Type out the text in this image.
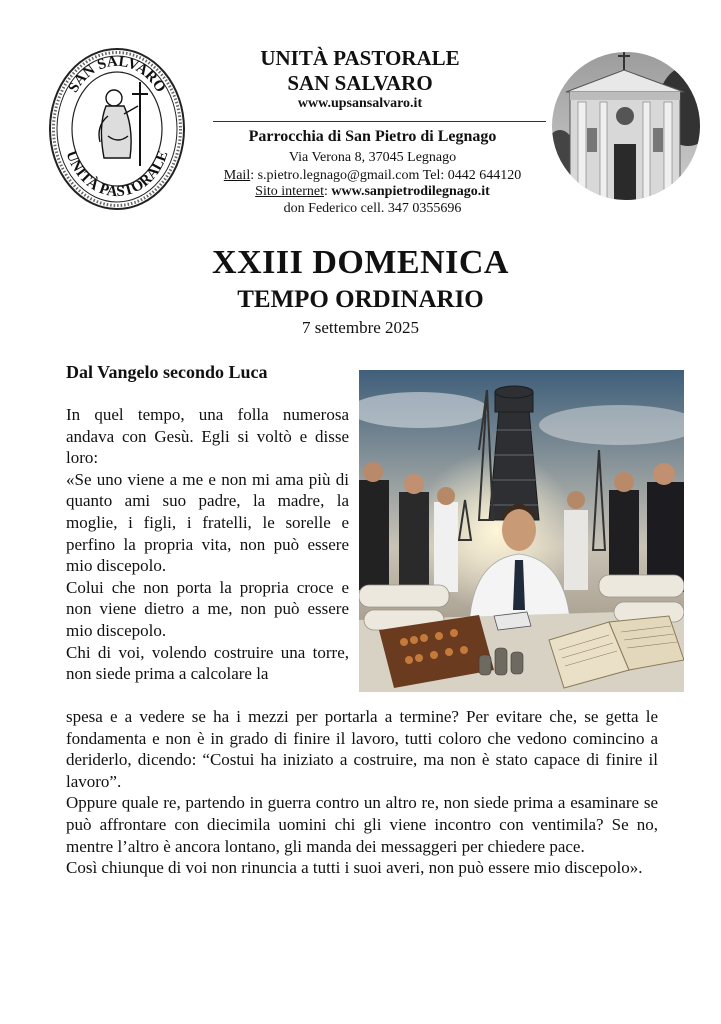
SAN SALVARO
UNITÀ PASTORALE
UNITÀ PASTORALE
SAN SALVARO
www.upsansalvaro.it
Parrocchia di San Pietro di Legnago
Via Verona 8, 37045 Legnago
Mail: s.pietro.legnago@gmail.com Tel: 0442 644120
Sito internet: www.sanpietrodilegnago.it
don Federico cell. 347 0355696
XXIII DOMENICA
TEMPO ORDINARIO
7 settembre 2025
Dal Vangelo secondo Luca

In quel tempo, una folla numerosa andava con Gesù. Egli si voltò e disse loro:

«Se uno viene a me e non mi ama più di quanto ami suo padre, la madre, la moglie, i figli, i fratelli, le sorelle e perfino la propria vita, non può essere mio discepolo.

Colui che non porta la propria croce e non viene dietro a me, non può essere mio discepolo.

Chi di voi, volendo costruire una torre, non siede prima a calcolare la

spesa e a vedere se ha i mezzi per portarla a termine? Per evitare che, se getta le fondamenta e non è in grado di finire il lavoro, tutti coloro che vedono comincino a deriderlo, dicendo: “Costui ha iniziato a costruire, ma non è stato capace di finire il lavoro”.

Oppure quale re, partendo in guerra contro un altro re, non siede prima a esaminare se può affrontare con diecimila uomini chi gli viene incontro con ventimila? Se no, mentre l’altro è ancora lontano, gli manda dei messaggeri per chiedere pace.

Così chiunque di voi non rinuncia a tutti i suoi averi, non può essere mio discepolo».
